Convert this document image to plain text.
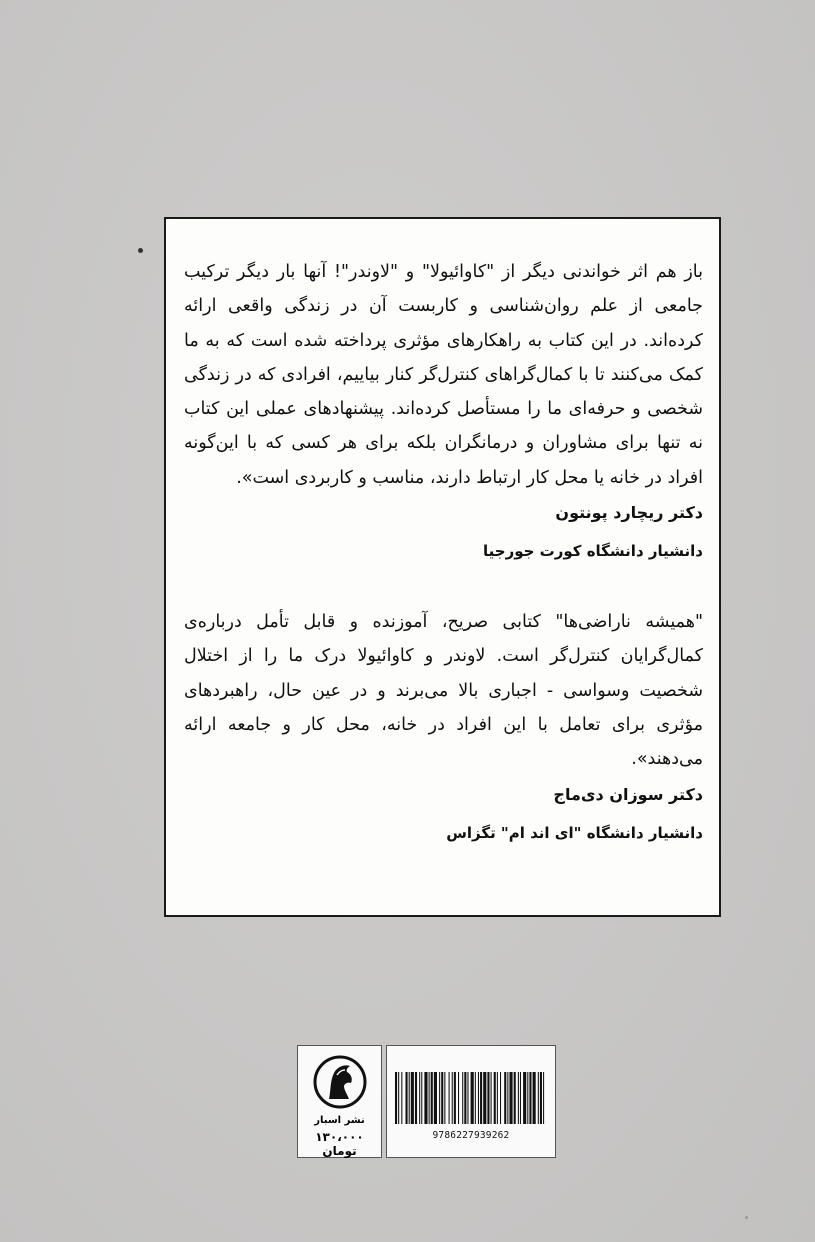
باز هم اثر خواندنی دیگر از "کاوائیولا" و "لاوندر"! آنها بار دیگر ترکیب جامعی از علم روان‌شناسی و کاربست آن در زندگی واقعی ارائه کرده‌اند. در این کتاب به راهکارهای مؤثری پرداخته شده است که به ما کمک می‌کنند تا با کمال‌گراهای کنترل‌گر کنار بیاییم، افرادی که در زندگی شخصی و حرفه‌ای ما را مستأصل کرده‌اند. پیشنهادهای عملی این کتاب نه تنها برای مشاوران و درمانگران بلکه برای هر کسی که با این‌گونه افراد در خانه یا محل کار ارتباط دارند، مناسب و کاربردی است».

دکتر ریچارد پونتون

دانشیار دانشگاه کورت جورجیا

"همیشه ناراضی‌ها" کتابی صریح، آموزنده و قابل تأمل درباره‌ی کمال‌گرایان کنترل‌گر است. لاوندر و کاوائیولا درک ما را از اختلال شخصیت وسواسی - اجباری بالا می‌برند و در عین حال، راهبردهای مؤثری برای تعامل با این افراد در خانه، محل کار و جامعه ارائه می‌دهند».

دکتر سوزان دی‌ماج

دانشیار دانشگاه "ای اند ام" تگزاس

نشر اسبار
۱۳۰،۰۰۰ تومان
9786227939262
